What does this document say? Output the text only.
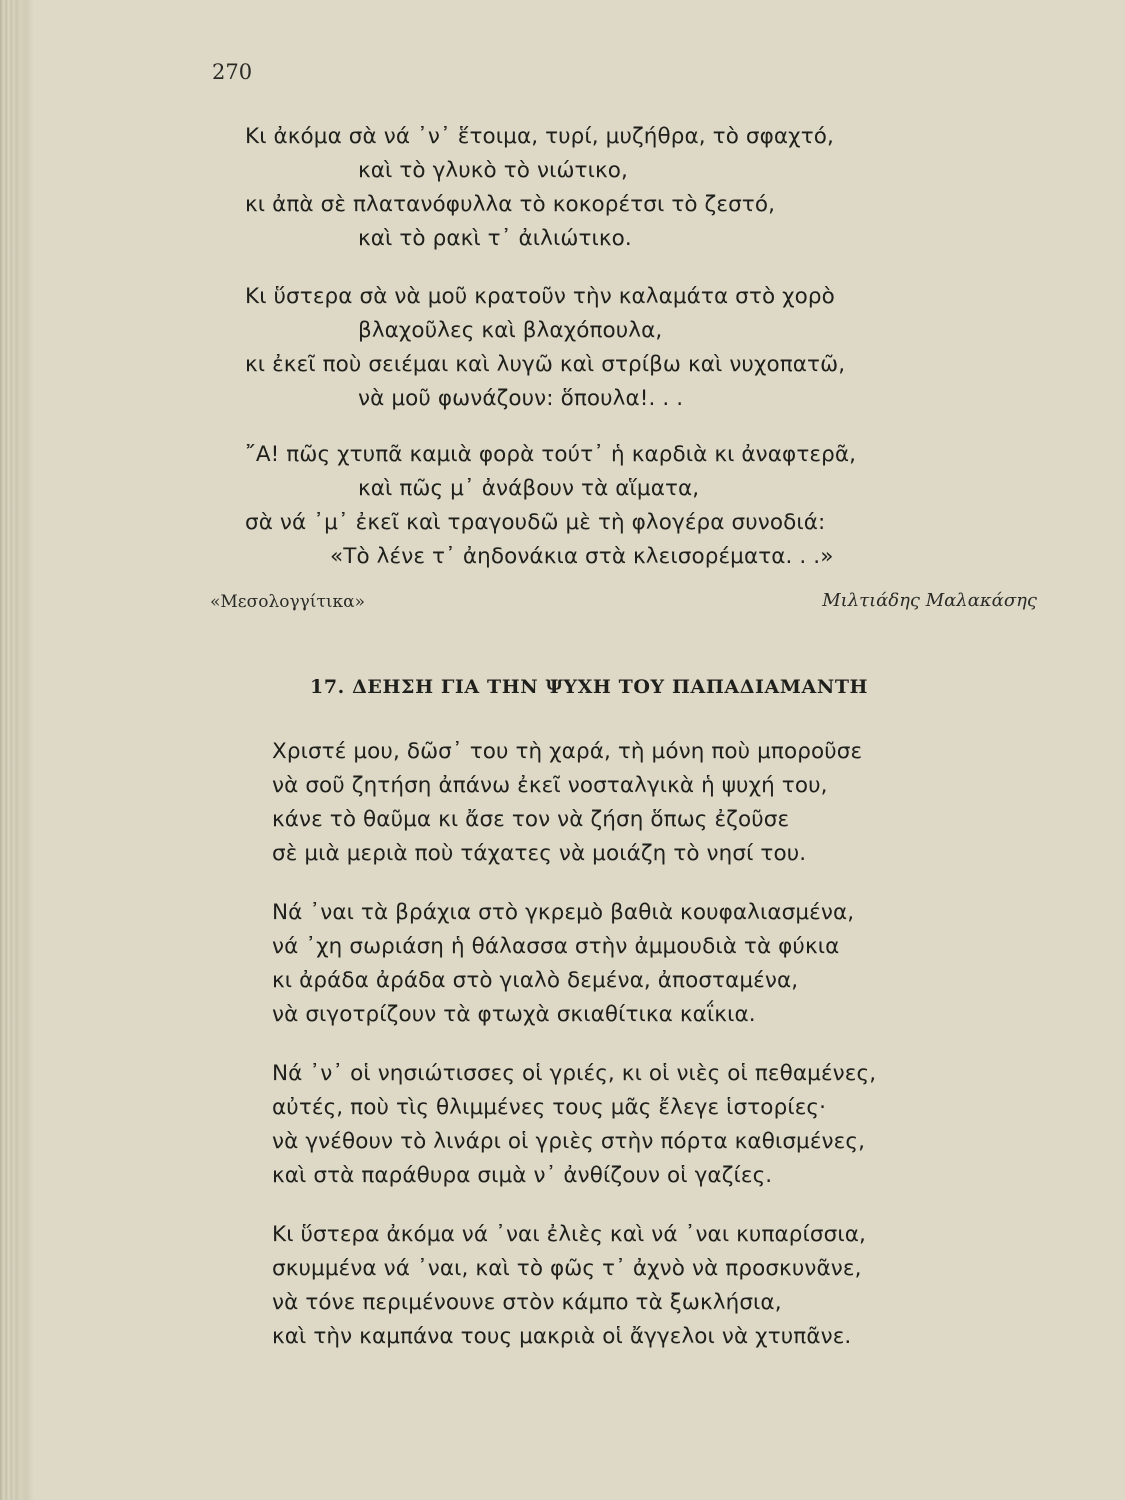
270
Κι ἀκόμα σὰ νά ᾿ν᾿ ἕτοιμα, τυρί, μυζήθρα, τὸ σφαχτό,
καὶ τὸ γλυκὸ τὸ νιώτικο,
κι ἀπὰ σὲ πλατανόφυλλα τὸ κοκορέτσι τὸ ζεστό,
καὶ τὸ ρακὶ τ᾿ ἀιλιώτικο.
Κι ὕστερα σὰ νὰ μοῦ κρατοῦν τὴν καλαμάτα στὸ χορὸ
βλαχοῦλες καὶ βλαχόπουλα,
κι ἐκεῖ ποὺ σειέμαι καὶ λυγῶ καὶ στρίβω καὶ νυχοπατῶ,
νὰ μοῦ φωνάζουν: ὅπουλα!. . .
῎Α! πῶς χτυπᾶ καμιὰ φορὰ τούτ᾿ ἡ καρδιὰ κι ἀναφτερᾶ,
καὶ πῶς μ᾿ ἀνάβουν τὰ αἵματα,
σὰ νά ᾿μ᾿ ἐκεῖ καὶ τραγουδῶ μὲ τὴ φλογέρα συνοδιά:
«Τὸ λένε τ᾿ ἀηδονάκια στὰ κλεισορέματα. . .»
«Μεσολογγίτικα»	Μιλτιάδης Μαλακάσης
17. ΔΕΗΣΗ ΓΙΑ ΤΗΝ ΨΥΧΗ ΤΟΥ ΠΑΠΑΔΙΑΜΑΝΤΗ
Χριστέ μου, δῶσ᾿ του τὴ χαρά, τὴ μόνη ποὺ μποροῦσε
νὰ σοῦ ζητήση ἀπάνω ἐκεῖ νοσταλγικὰ ἡ ψυχή του,
κάνε τὸ θαῦμα κι ἄσε τον νὰ ζήση ὅπως ἐζοῦσε
σὲ μιὰ μεριὰ ποὺ τάχατες νὰ μοιάζη τὸ νησί του.
Νά ᾿ναι τὰ βράχια στὸ γκρεμὸ βαθιὰ κουφαλιασμένα,
νά ᾿χη σωριάση ἡ θάλασσα στὴν ἀμμουδιὰ τὰ φύκια
κι ἀράδα ἀράδα στὸ γιαλὸ δεμένα, ἀποσταμένα,
νὰ σιγοτρίζουν τὰ φτωχὰ σκιαθίτικα καΐκια.
Νά ᾿ν᾿ οἱ νησιώτισσες οἱ γριές, κι οἱ νιὲς οἱ πεθαμένες,
αὐτές, ποὺ τὶς θλιμμένες τους μᾶς ἔλεγε ἱστορίες·
νὰ γνέθουν τὸ λινάρι οἱ γριὲς στὴν πόρτα καθισμένες,
καὶ στὰ παράθυρα σιμὰ ν᾿ ἀνθίζουν οἱ γαζίες.
Κι ὕστερα ἀκόμα νά ᾿ναι ἐλιὲς καὶ νά ᾿ναι κυπαρίσσια,
σκυμμένα νά ᾿ναι, καὶ τὸ φῶς τ᾿ ἀχνὸ νὰ προσκυνᾶνε,
νὰ τόνε περιμένουνε στὸν κάμπο τὰ ξωκλήσια,
καὶ τὴν καμπάνα τους μακριὰ οἱ ἄγγελοι νὰ χτυπᾶνε.
